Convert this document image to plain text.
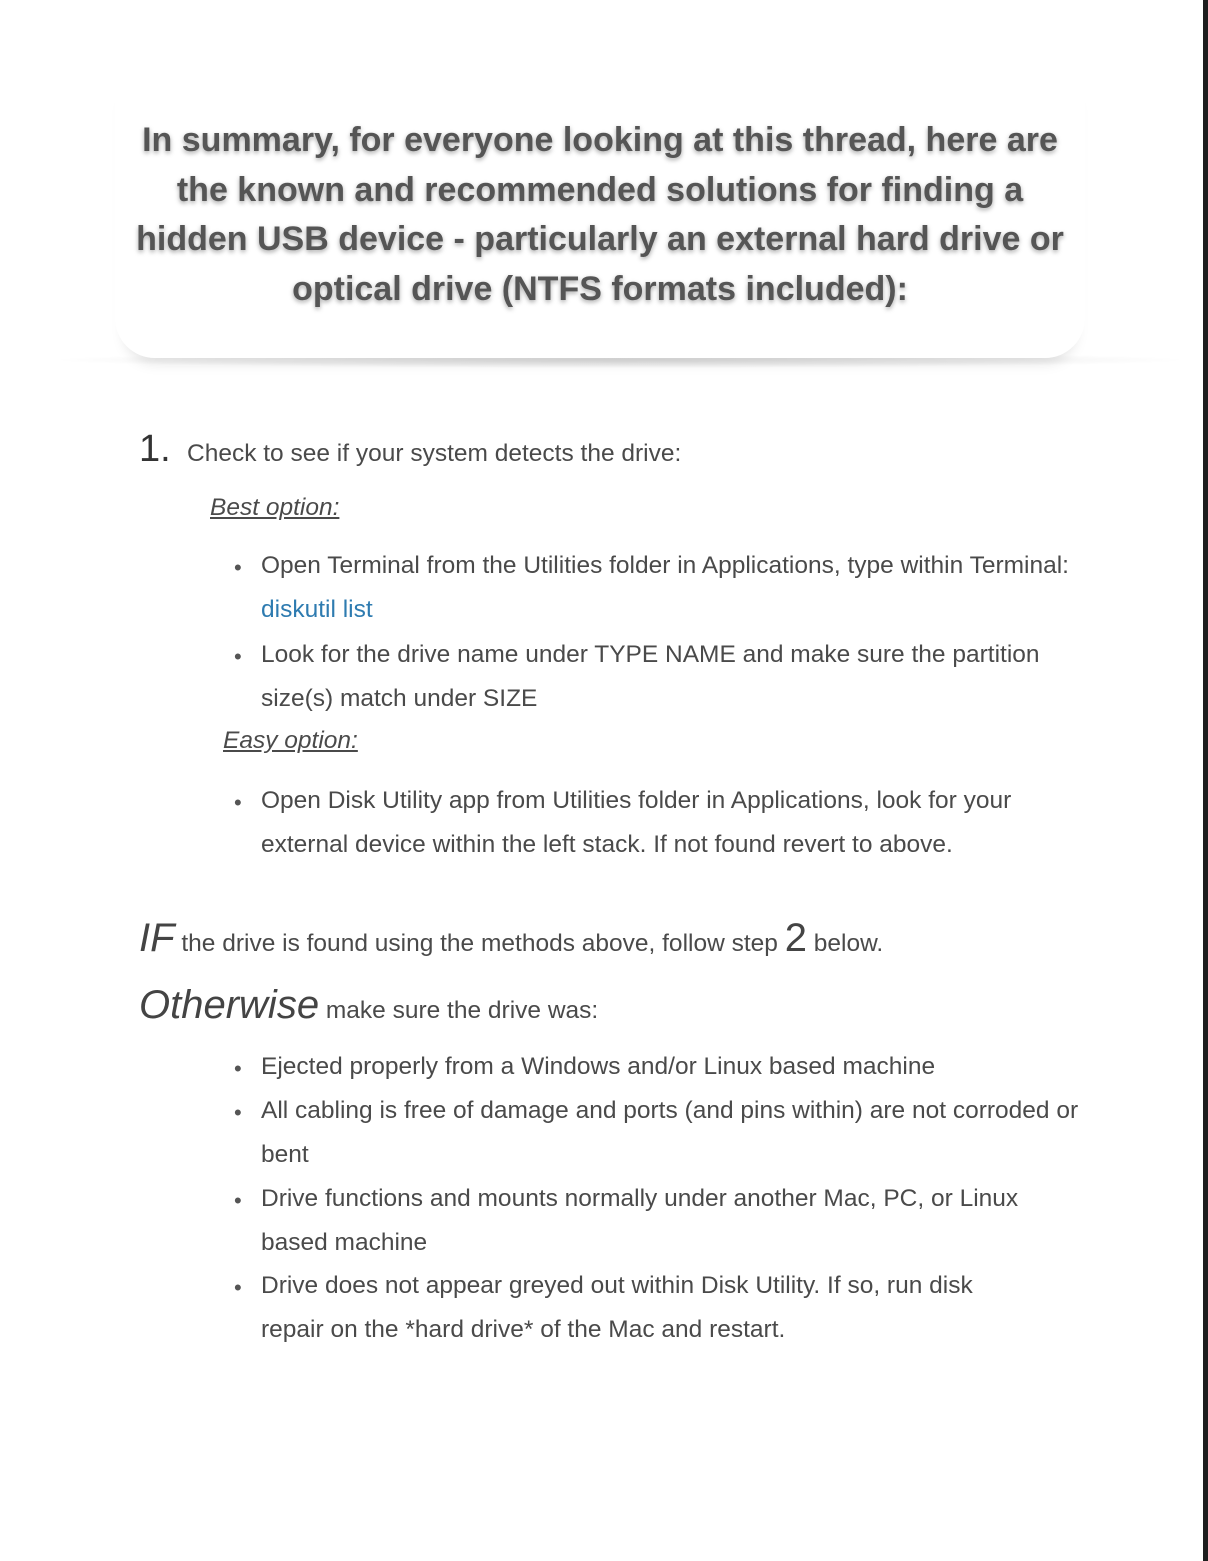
In summary, for everyone looking at this thread, here are the known and recommended solutions for finding a hidden USB device - particularly an external hard drive or optical drive (NTFS formats included):
1. Check to see if your system detects the drive:

Best option:
• Open Terminal from the Utilities folder in Applications, type within Terminal: diskutil list

• Look for the drive name under TYPE NAME and make sure the partition size(s) match under SIZE

Easy option:
• Open Disk Utility app from Utilities folder in Applications, look for your external device within the left stack. If not found revert to above.

IF the drive is found using the methods above, follow step 2 below.

Otherwise make sure the drive was:

• Ejected properly from a Windows and/or Linux based machine

• All cabling is free of damage and ports (and pins within) are not corroded or bent

• Drive functions and mounts normally under another Mac, PC, or Linux based machine

• Drive does not appear greyed out within Disk Utility. If so, run disk repair on the *hard drive* of the Mac and restart.
